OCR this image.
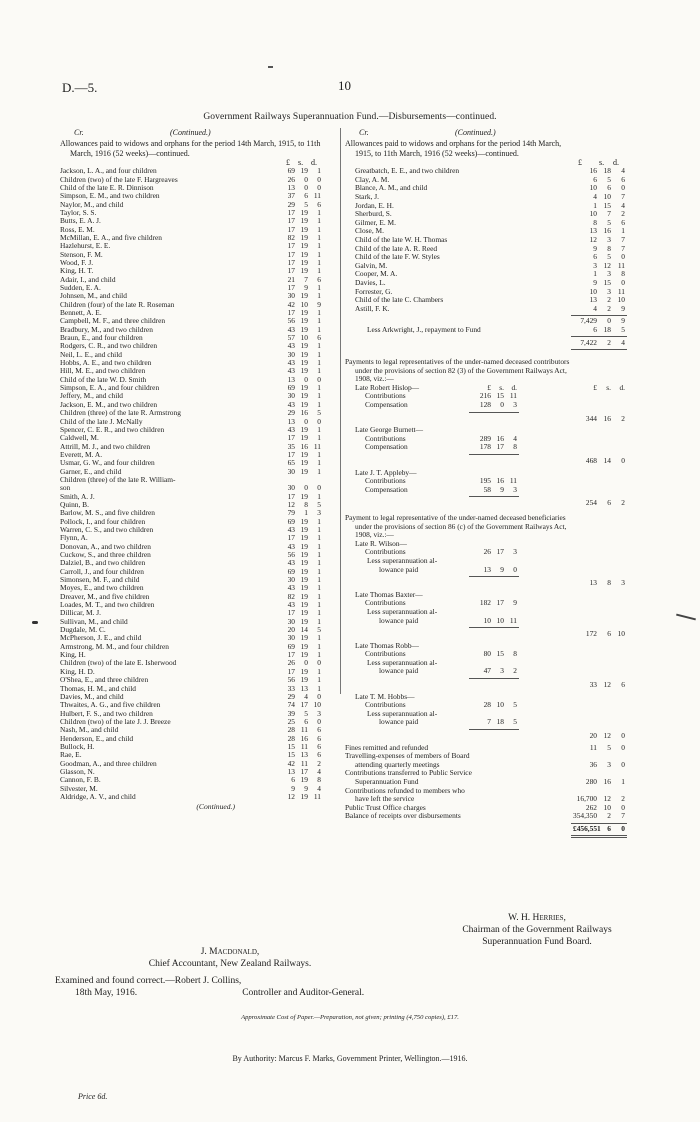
D.—5.	10
Government Railways Superannuation Fund.—Disbursements—continued.
Cr.	(Continued.)
Allowances paid to widows and orphans for the period 14th March, 1915, to 11th March, 1916 (52 weeks)—continued.
£ s. d.
Jackson, L. A., and four children	69 19	1
Children (two) of the late F. Hargreaves	26	0	0
Child of the late E. R. Dinnison	13	0	0
Simpson, E. M., and two children	37	6 11
Naylor, M., and child	29	5	6
Taylor, S. S.	17 19	1
Butts, E. A. J.	17 19	1
Ross, E. M.	17 19	1
McMillan, E. A., and five children	82 19	1
Hazlehurst, E. E.	17 19	1
Stenson, F. M.	17 19	1
Wood, F. J.	17 19	1
King, H. T.	17 19	1
Adair, I., and child	21	7	6
Sudden, E. A.	17	9	1
Johnsen, M., and child	30 19	1
Children (four) of the late R. Roseman	42 10	9
Bennett, A. E.	17 19	1
Campbell, M. F., and three children	56 19	1
Bradbury, M., and two children	43 19	1
Braun, E., and four children	57 10	6
Rodgers, C. R., and two children	43 19	1
Neil, L. E., and child	30 19	1
Hobbs, A. E., and two children	43 19	1
Hill, M. E., and two children	43 19	1
Child of the late W. D. Smith	13	0	0
Simpson, E. A., and four children	69 19	1
Jeffery, M., and child	30 19	1
Jackson, E. M., and two children	43 19	1
Children (three) of the late R. Armstrong	29 16	5
Child of the late J. McNally	13	0	0
Spencer, C. E. R., and two children	43 19	1
Caldwell, M.	17 19	1
Attrill, M. J., and two children	35 16 11
Everett, M. A.	17 19	1
Usmar, G. W., and four children	65 19	1
Garner, E., and child	30 19	1
Children (three) of the late R. William-
son	30	0	0
Smith, A. J.	17 19	1
Quinn, B.	12	8	5
Barlow, M. S., and five children	79	1	3
Pollock, I., and four children	69 19	1
Warren, C. S., and two children	43 19	1
Flynn, A.	17 19	1
Donovan, A., and two children	43 19	1
Cuckow, S., and three children	56 19	1
Dalziel, B., and two children	43 19	1
Carroll, J., and four children	69 19	1
Simonsen, M. F., and child	30 19	1
Moyes, E., and two children	43 19	1
Dreaver, M., and five children	82 19	1
Loades, M. T., and two children	43 19	1
Dillicar, M. J.	17 19	1
Sullivan, M., and child	30 19	1
Dugdale, M. C.	20 14	5
McPherson, J. E., and child	30 19	1
Armstrong, M. M., and four children	69 19	1
King, H.	17 19	1
Children (two) of the late E. Isherwood	26	0	0
King, H. D.	17 19	1
O'Shea, E., and three children	56 19	1
Thomas, H. M., and child	33 13	1
Davies, M., and child	29	4	0
Thwaites, A. G., and five children	74 17 10
Hulbert, F. S., and two children	39	5	3
Children (two) of the late J. J. Breeze	25	6	0
Nash, M., and child	28 11	6
Henderson, E., and child	28 16	6
Bullock, H.	15 11	6
Rae, E.	15 13	6
Goodman, A., and three children	42 11	2
Glasson, N.	13 17	4
Cannon, F. B.	6 19	8
Silvester, M.	9	9	4
Aldridge, A. V., and child	12 19 11
(Continued.)
Cr.	(Continued.)
Allowances paid to widows and orphans for the period 14th March, 1915, to 11th March, 1916 (52 weeks)—continued.
£ s. d.
Greatbatch, E. E., and two children	16 18	4
Clay, A. M.	6	5	6
Blance, A. M., and child	10	6	0
Stark, J.	4 10	7
Jordan, E. H.	1 15	4
Sherburd, S.	10	7	2
Gilmer, E. M.	8	5	6
Close, M.	13 16	1
Child of the late W. H. Thomas	12	3	7
Child of the late A. R. Reed	9	8	7
Child of the late F. W. Styles	6	5	0
Galvin, M.	3 12 11
Cooper, M. A.	1	3	8
Davies, L.	9 15	0
Forrester, G.	10	3 11
Child of the late C. Chambers	13	2 10
Astill, F. K.	4	2	9
7,429	0	9
Less Arkwright, J., repayment to Fund	6 18	5
7,422	2	4
Payments to legal representatives of the under-named deceased contributors under the provisions of section 82 (3) of the Government Railways Act, 1908, viz.:—
Late Robert Hislop—	£	s.	d.	£	s.	d.
Contributions	216 15 11
Compensation	128	0	3
344 16	2
Late George Burnett—
Contributions	289 16	4
Compensation	178 17	8
468 14	0
Late J. T. Appleby—
Contributions	195 16 11
Compensation	58	9	3
254	6	2
Payment to legal representative of the under-named deceased beneficiaries under the provisions of section 86 (c) of the Government Railways Act, 1908, viz.:—
Late R. Wilson—
Contributions	26 17	3
Less superannuation al-
lowance paid	13	9	0
13	8	3
Late Thomas Baxter—
Contributions	182 17	9
Less superannuation al-
lowance paid	10 10 11
172	6 10
Late Thomas Robb—
Contributions	80 15	8
Less superannuation al-
lowance paid	47	3	2
33 12	6
Late T. M. Hobbs—
Contributions	28 10	5
Less superannuation al-
lowance paid	7 18	5
20 12	0
Fines remitted and refunded	11	5	0
Travelling-expenses of members of Board
attending quarterly meetings	36	3	0
Contributions transferred to Public Service
Superannuation Fund	280 16	1
Contributions refunded to members who
have left the service	16,700 12	2
Public Trust Office charges	262 10	0
Balance of receipts over disbursements	354,350	2	7
£456,551 6	0
W. H. Herries,
Chairman of the Government Railways
Superannuation Fund Board.
J. Macdonald,
Chief Accountant, New Zealand Railways.
Examined and found correct.—Robert J. Collins,
18th May, 1916.	Controller and Auditor-General.
Approximate Cost of Paper.—Preparation, not given; printing (4,750 copies), £17.
By Authority: Marcus F. Marks, Government Printer, Wellington.—1916.
Price 6d.
